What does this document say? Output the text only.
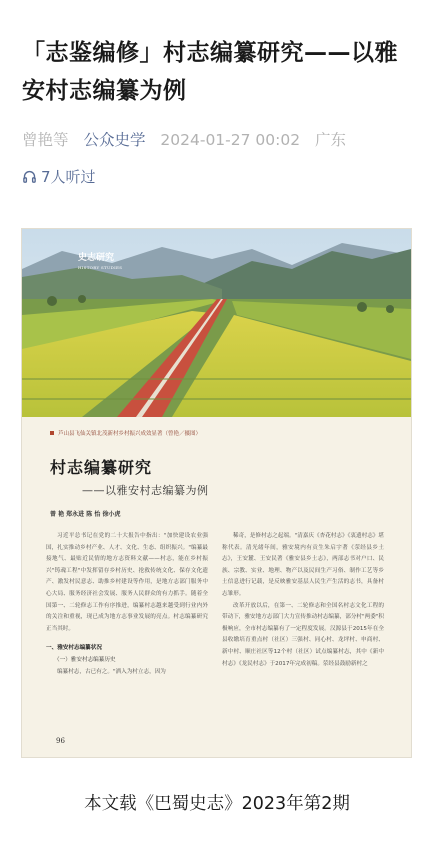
「志鉴编修」村志编纂研究——以雅安村志编纂为例
曾艳等 公众史学 2024-01-27 00:02 广东
7人听过
史志研究
HISTORY STUDIES
芦山县飞仙关镇北茂新村乡村振兴成效显著（曾艳／摄图）
村志编纂研究
——以雅安村志编纂为例
曾 艳 郑永进 陈 怡 徐小虎

习近平总书记在党的二十大报告中指出："加快建设农业强国，扎实推动乡村产业、人才、文化、生态、组织振兴。"编纂最接地气、最贴近民情的地方志资料文献——村志，能在乡村振兴"铸魂工程"中发挥留存乡村历史、抢救传统文化、保存文化遗产、激发村民意志、助推乡村建设等作用，是地方志部门服务中心大局、服务经济社会发展、服务人民群众的有力抓手。随着全国第一、二轮修志工作有序推进，编纂村志越来越受到行业内外的关注和重视，现已成为地方志事业发展的亮点。村志编纂研究正当其时。

一、雅安村志编纂状况

（一）雅安村志编纂历史

编纂村志，古已有之。"洒入为村立志，因为

稀奇，是修村志之起端。"清嘉庆《杏花村志》《衷遗村志》堪称代表。清光绪年间，雅安境内有贡生朱启宇著《荥经县乡土志》，王安麓、王安民著《雅安县乡土志》，两部志书对户口、民族、宗教、实业、地理、物产以及民间生产习俗、制作工艺等乡土信息进行记载，是反映雅安基层人民生产生活的志书，具备村志雏形。

改革开放以后，在第一、二轮修志和全国名村志文化工程的带动下，雅安地方志部门大力宣传推动村志编纂，部分村"两委"积极响应，全市村志编纂有了一定程度发展。汉源县于2015年在全县收缴培育重点村（社区）三强村、同心村、龙坪村、申商村、新中村、顺庄社区等12个村（社区）试点编纂村志，其中《新中村志》《龙民村志》于2017年完成初稿。荥经县鼓励新村之

96
本文载《巴蜀史志》2023年第2期
